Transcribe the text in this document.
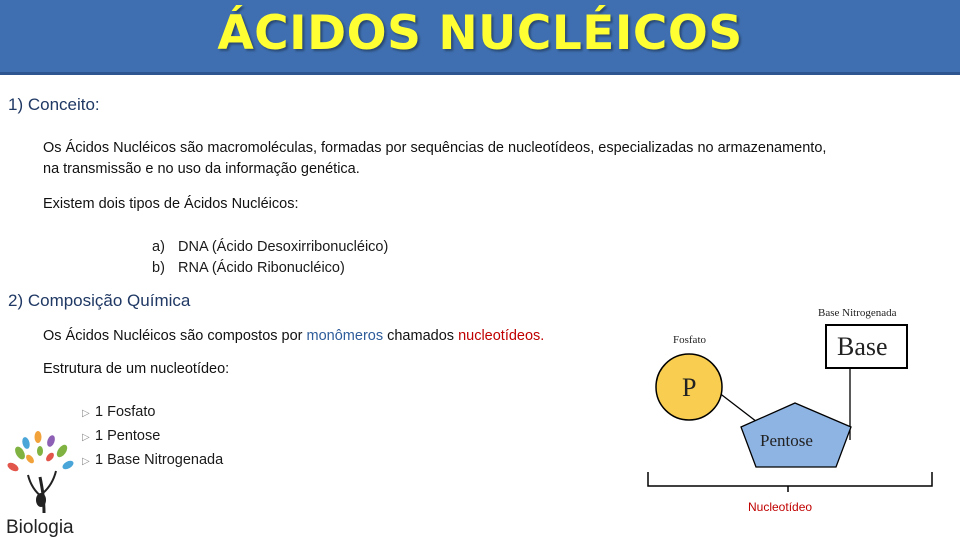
ÁCIDOS NUCLÉICOS
1) Conceito:
Os Ácidos Nucléicos são macromoléculas, formadas por sequências de nucleotídeos, especializadas no armazenamento,
na transmissão e no uso da informação genética.
Existem dois tipos de Ácidos Nucléicos:
a) DNA (Ácido Desoxirribonucléico)
b) RNA (Ácido Ribonucléico)
2) Composição Química
Os Ácidos Nucléicos são compostos por monômeros chamados nucleotídeos.
Estrutura de um nucleotídeo:
▷ 1 Fosfato
▷ 1 Pentose
▷ 1 Base Nitrogenada
Fosfato
P
Base Nitrogenada
Base
Pentose
Nucleotídeo
Biologia
